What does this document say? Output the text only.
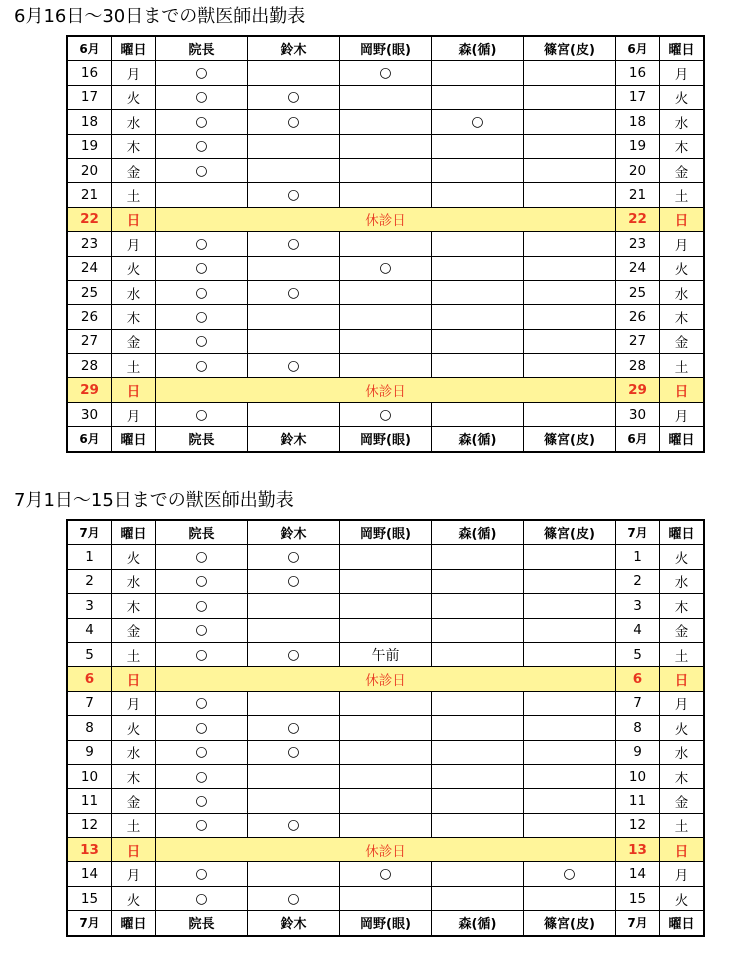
6月16日〜30日までの獣医師出勤表
6月	曜日	院長	鈴木	岡野(眼)	森(循)	篠宮(皮)	6月	曜日
16	月	○		○			16	月
17	火	○	○				17	火
18	水	○	○		○		18	水
19	木	○					19	木
20	金	○					20	金
21	土		○				21	土
22	日	休診日					22	日
23	月	○	○				23	月
24	火	○		○			24	火
25	水	○	○				25	水
26	木	○					26	木
27	金	○					27	金
28	土	○	○				28	土
29	日	休診日					29	日
30	月	○		○			30	月
6月	曜日	院長	鈴木	岡野(眼)	森(循)	篠宮(皮)	6月	曜日
7月1日〜15日までの獣医師出勤表
7月	曜日	院長	鈴木	岡野(眼)	森(循)	篠宮(皮)	7月	曜日
1	火	○	○				1	火
2	水	○	○				2	水
3	木	○					3	木
4	金	○					4	金
5	土	○	○	午前			5	土
6	日	休診日					6	日
7	月	○					7	月
8	火	○	○				8	火
9	水	○	○				9	水
10	木	○					10	木
11	金	○					11	金
12	土	○	○				12	土
13	日	休診日					13	日
14	月	○		○		○	14	月
15	火	○	○				15	火
7月	曜日	院長	鈴木	岡野(眼)	森(循)	篠宮(皮)	7月	曜日
